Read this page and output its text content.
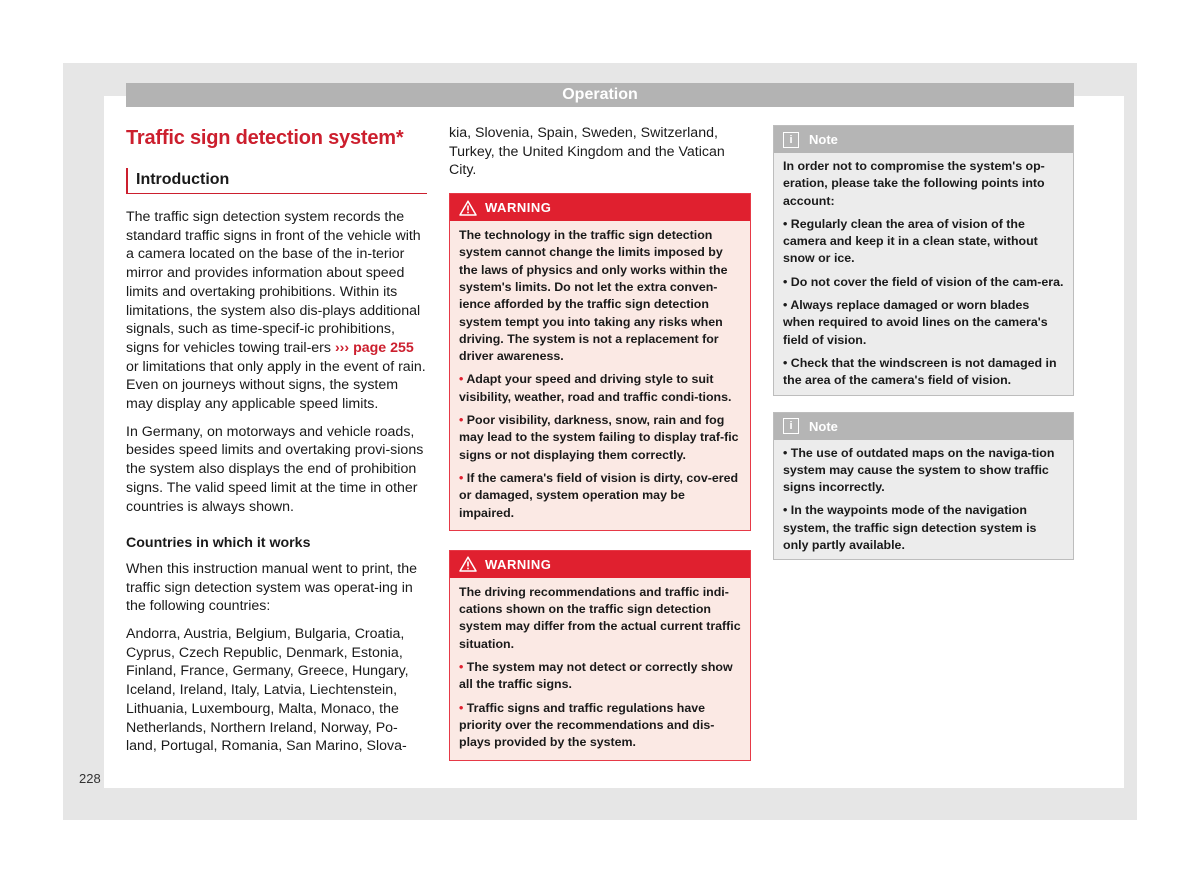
Operation
Traffic sign detection system*
Introduction

The traffic sign detection system records the standard traffic signs in front of the vehicle with a camera located on the base of the in-terior mirror and provides information about speed limits and overtaking prohibitions. Within its limitations, the system also dis-plays additional signals, such as time-specif-ic prohibitions, signs for vehicles towing trail-ers ››› page 255 or limitations that only apply in the event of rain. Even on journeys without signs, the system may display any applicable speed limits.

In Germany, on motorways and vehicle roads, besides speed limits and overtaking provi-sions the system also displays the end of prohibition signs. The valid speed limit at the time in other countries is always shown.

Countries in which it works

When this instruction manual went to print, the traffic sign detection system was operat-ing in the following countries:

Andorra, Austria, Belgium, Bulgaria, Croatia, Cyprus, Czech Republic, Denmark, Estonia, Finland, France, Germany, Greece, Hungary, Iceland, Ireland, Italy, Latvia, Liechtenstein, Lithuania, Luxembourg, Malta, Monaco, the Netherlands, Northern Ireland, Norway, Po-land, Portugal, Romania, San Marino, Slova-

kia, Slovenia, Spain, Sweden, Switzerland, Turkey, the United Kingdom and the Vatican City.

WARNING

The technology in the traffic sign detection system cannot change the limits imposed by the laws of physics and only works within the system's limits. Do not let the extra conven-ience afforded by the traffic sign detection system tempt you into taking any risks when driving. The system is not a replacement for driver awareness.

• Adapt your speed and driving style to suit visibility, weather, road and traffic condi-tions.

• Poor visibility, darkness, snow, rain and fog may lead to the system failing to display traf-fic signs or not displaying them correctly.

• If the camera's field of vision is dirty, cov-ered or damaged, system operation may be impaired.

WARNING

The driving recommendations and traffic indi-cations shown on the traffic sign detection system may differ from the actual current traffic situation.

• The system may not detect or correctly show all the traffic signs.

• Traffic signs and traffic regulations have priority over the recommendations and dis-plays provided by the system.

i	Note

In order not to compromise the system's op-eration, please take the following points into account:

• Regularly clean the area of vision of the camera and keep it in a clean state, without snow or ice.

• Do not cover the field of vision of the cam-era.

• Always replace damaged or worn blades when required to avoid lines on the camera's field of vision.

• Check that the windscreen is not damaged in the area of the camera's field of vision.

i	Note

• The use of outdated maps on the naviga-tion system may cause the system to show traffic signs incorrectly.

• In the waypoints mode of the navigation system, the traffic sign detection system is only partly available.

228
